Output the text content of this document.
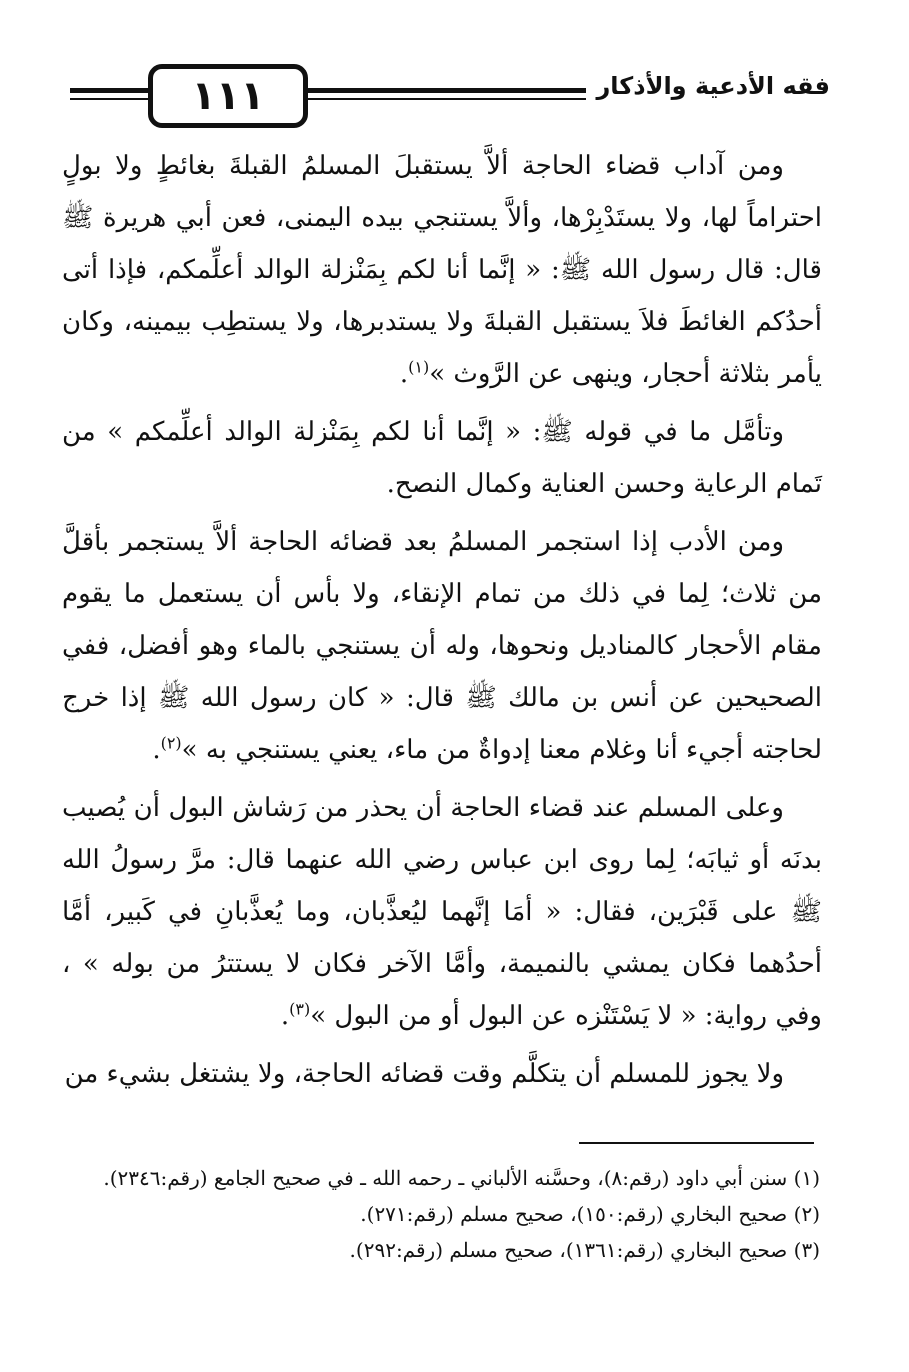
١١١	فقه الأدعية والأذكار

ومن آداب قضاء الحاجة ألاَّ يستقبلَ المسلمُ القبلةَ بغائطٍ ولا بولٍ احتراماً لها، ولا يستَدْبِرْها، وألاَّ يستنجي بيده اليمنى، فعن أبي هريرة ﷺ قال: قال رسول الله ﷺ: « إنَّما أنا لكم بِمَنْزلة الوالد أعلِّمكم، فإذا أتى أحدُكم الغائطَ فلاَ يستقبل القبلةَ ولا يستدبرها، ولا يستطِب بيمينه، وكان يأمر بثلاثة أحجار، وينهى عن الرَّوث »$^{(١)}$.

وتأمَّل ما في قوله ﷺ: « إنَّما أنا لكم بِمَنْزلة الوالد أعلِّمكم » من تَمام الرعاية وحسن العناية وكمال النصح.

ومن الأدب إذا استجمر المسلمُ بعد قضائه الحاجة ألاَّ يستجمر بأقلَّ من ثلاث؛ لِما في ذلك من تمام الإنقاء، ولا بأس أن يستعمل ما يقوم مقام الأحجار كالمناديل ونحوها، وله أن يستنجي بالماء وهو أفضل، ففي الصحيحين عن أنس بن مالك ﷺ قال: « كان رسول الله ﷺ إذا خرج لحاجته أجيء أنا وغلام معنا إدواةٌ من ماء، يعني يستنجي به »$^{(٢)}$.

وعلى المسلم عند قضاء الحاجة أن يحذر من رَشاش البول أن يُصيب بدنَه أو ثيابَه؛ لِما روى ابن عباس رضي الله عنهما قال: مرَّ رسولُ الله ﷺ على قَبْرَين، فقال: « أمَا إنَّهما ليُعذَّبان، وما يُعذَّبانِ في كَبير، أمَّا أحدُهما فكان يمشي بالنميمة، وأمَّا الآخر فكان لا يستترُ من بوله » ، وفي رواية: « لا يَسْتَنْزه عن البول أو من البول »$^{(٣)}$.

ولا يجوز للمسلم أن يتكلَّم وقت قضائه الحاجة، ولا يشتغل بشيء من

(١) سنن أبي داود (رقم:٨)، وحسَّنه الألباني ـ رحمه الله ـ في صحيح الجامع (رقم:٢٣٤٦).
(٢) صحيح البخاري (رقم:١٥٠)، صحيح مسلم (رقم:٢٧١).
(٣) صحيح البخاري (رقم:١٣٦١)، صحيح مسلم (رقم:٢٩٢).
